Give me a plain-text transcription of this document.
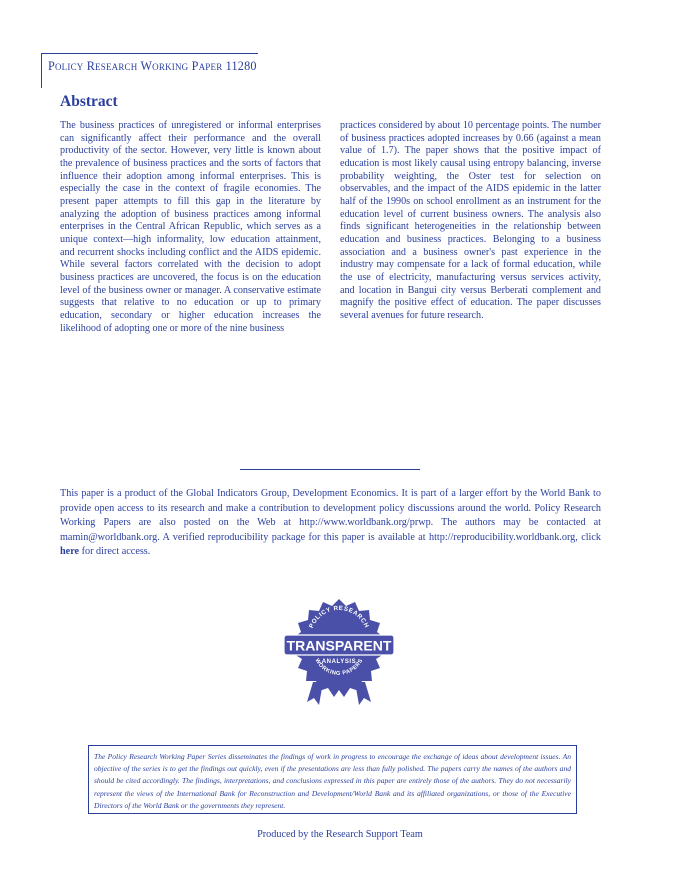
Policy Research Working Paper 11280
Abstract

The business practices of unregistered or informal enterprises can significantly affect their performance and the overall productivity of the sector. However, very little is known about the prevalence of business practices and the sorts of factors that influence their adoption among informal enterprises. This is especially the case in the context of fragile economies. The present paper attempts to fill this gap in the literature by analyzing the adoption of business practices among informal enterprises in the Central African Republic, which serves as a unique context—high informality, low education attainment, and recurrent shocks including conflict and the AIDS epidemic. While several factors correlated with the decision to adopt business practices are uncovered, the focus is on the education level of the business owner or manager. A conservative estimate suggests that relative to no education or up to primary education, secondary or higher education increases the likelihood of adopting one or more of the nine business

practices considered by about 10 percentage points. The number of business practices adopted increases by 0.66 (against a mean value of 1.7). The paper shows that the positive impact of education is most likely causal using entropy balancing, inverse probability weighting, the Oster test for selection on observables, and the impact of the AIDS epidemic in the latter half of the 1990s on school enrollment as an instrument for the education level of current business owners. The analysis also finds significant heterogeneities in the relationship between education and business practices. Belonging to a business association and a business owner's past experience in the industry may compensate for a lack of formal education, while the use of electricity, manufacturing versus services activity, and location in Bangui city versus Berberati complement and magnify the positive effect of education. The paper discusses several avenues for future research.

This paper is a product of the Global Indicators Group, Development Economics. It is part of a larger effort by the World Bank to provide open access to its research and make a contribution to development policy discussions around the world. Policy Research Working Papers are also posted on the Web at http://www.worldbank.org/prwp. The authors may be contacted at mamin@worldbank.org. A verified reproducibility package for this paper is available at http://reproducibility.worldbank.org, click here for direct access.

POLICY RESEARCH
TRANSPARENT
ANALYSIS
WORKING PAPERS

The Policy Research Working Paper Series disseminates the findings of work in progress to encourage the exchange of ideas about development issues. An objective of the series is to get the findings out quickly, even if the presentations are less than fully polished. The papers carry the names of the authors and should be cited accordingly. The findings, interpretations, and conclusions expressed in this paper are entirely those of the authors. They do not necessarily represent the views of the International Bank for Reconstruction and Development/World Bank and its affiliated organizations, or those of the Executive Directors of the World Bank or the governments they represent.

Produced by the Research Support Team
